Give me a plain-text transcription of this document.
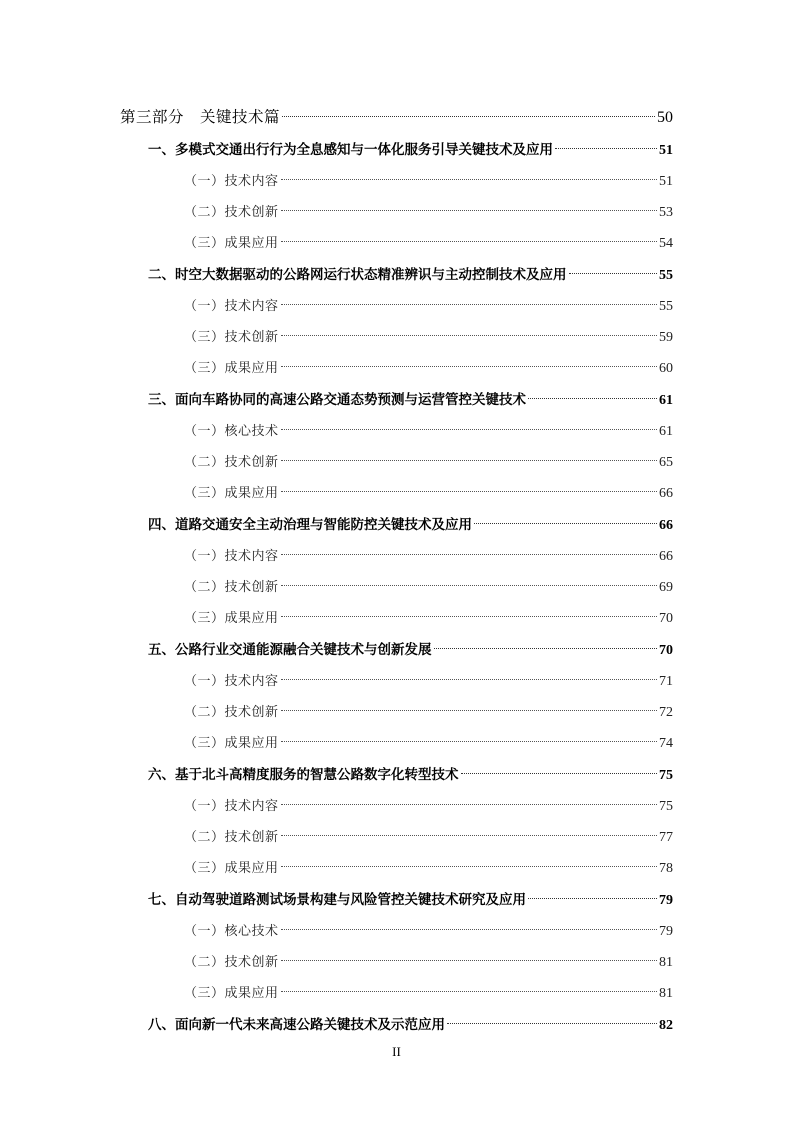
第三部分　关键技术篇	50
一、多模式交通出行行为全息感知与一体化服务引导关键技术及应用	51
（一）技术内容	51
（二）技术创新	53
（三）成果应用	54
二、时空大数据驱动的公路网运行状态精准辨识与主动控制技术及应用	55
（一）技术内容	55
（三）技术创新	59
（三）成果应用	60
三、面向车路协同的高速公路交通态势预测与运营管控关键技术	61
（一）核心技术	61
（二）技术创新	65
（三）成果应用	66
四、道路交通安全主动治理与智能防控关键技术及应用	66
（一）技术内容	66
（二）技术创新	69
（三）成果应用	70
五、公路行业交通能源融合关键技术与创新发展	70
（一）技术内容	71
（二）技术创新	72
（三）成果应用	74
六、基于北斗高精度服务的智慧公路数字化转型技术	75
（一）技术内容	75
（二）技术创新	77
（三）成果应用	78
七、自动驾驶道路测试场景构建与风险管控关键技术研究及应用	79
（一）核心技术	79
（二）技术创新	81
（三）成果应用	81
八、面向新一代未来高速公路关键技术及示范应用	82
II
